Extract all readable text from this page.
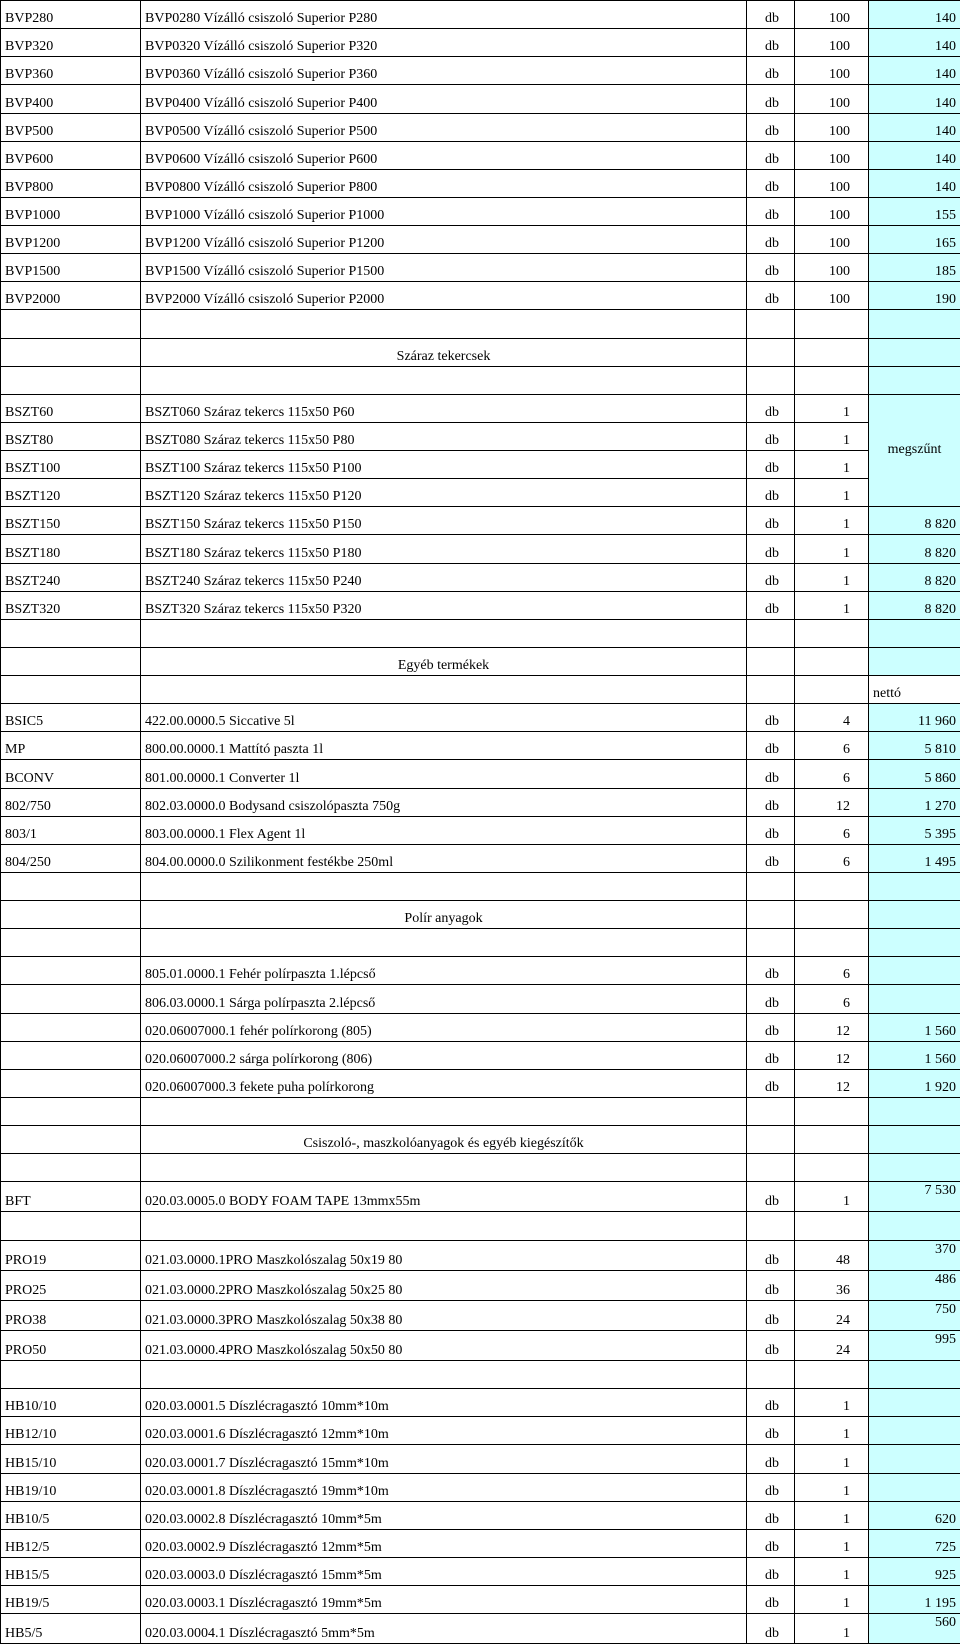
BVP280	BVP0280 Vízálló csiszoló Superior P280	db	100	140
BVP320	BVP0320 Vízálló csiszoló Superior P320	db	100	140
BVP360	BVP0360 Vízálló csiszoló Superior P360	db	100	140
BVP400	BVP0400 Vízálló csiszoló Superior P400	db	100	140
BVP500	BVP0500 Vízálló csiszoló Superior P500	db	100	140
BVP600	BVP0600 Vízálló csiszoló Superior P600	db	100	140
BVP800	BVP0800 Vízálló csiszoló Superior P800	db	100	140
BVP1000	BVP1000 Vízálló csiszoló Superior P1000	db	100	155
BVP1200	BVP1200 Vízálló csiszoló Superior P1200	db	100	165
BVP1500	BVP1500 Vízálló csiszoló Superior P1500	db	100	185
BVP2000	BVP2000 Vízálló csiszoló Superior P2000	db	100	190

	Száraz tekercsek			

BSZT60	BSZT060 Száraz tekercs 115x50 P60	db	1	megszűnt
BSZT80	BSZT080 Száraz tekercs 115x50 P80	db	1	
BSZT100	BSZT100 Száraz tekercs 115x50 P100	db	1	
BSZT120	BSZT120 Száraz tekercs 115x50 P120	db	1	
BSZT150	BSZT150 Száraz tekercs 115x50 P150	db	1	8 820
BSZT180	BSZT180 Száraz tekercs 115x50 P180	db	1	8 820
BSZT240	BSZT240 Száraz tekercs 115x50 P240	db	1	8 820
BSZT320	BSZT320 Száraz tekercs 115x50 P320	db	1	8 820

	Egyéb termékek			
				nettó
BSIC5	422.00.0000.5 Siccative 5l	db	4	11 960
MP	800.00.0000.1 Mattító paszta 1l	db	6	5 810
BCONV	801.00.0000.1 Converter 1l	db	6	5 860
802/750	802.03.0000.0 Bodysand csiszolópaszta 750g	db	12	1 270
803/1	803.00.0000.1 Flex Agent 1l	db	6	5 395
804/250	804.00.0000.0 Szilikonment festékbe 250ml	db	6	1 495

	Polír anyagok			

	805.01.0000.1 Fehér polírpaszta 1.lépcső	db	6	
	806.03.0000.1 Sárga polírpaszta 2.lépcső	db	6	
	020.06007000.1 fehér polírkorong (805)	db	12	1 560
	020.06007000.2 sárga polírkorong (806)	db	12	1 560
	020.06007000.3 fekete puha polírkorong	db	12	1 920

	Csiszoló-, maszkolóanyagok és egyéb kiegészítők			

BFT	020.03.0005.0 BODY FOAM TAPE 13mmx55m	db	1	7 530

PRO19	021.03.0000.1PRO Maszkolószalag 50x19 80	db	48	370
PRO25	021.03.0000.2PRO Maszkolószalag 50x25 80	db	36	486
PRO38	021.03.0000.3PRO Maszkolószalag 50x38 80	db	24	750
PRO50	021.03.0000.4PRO Maszkolószalag 50x50 80	db	24	995

HB10/10	020.03.0001.5 Díszlécragasztó 10mm*10m	db	1	
HB12/10	020.03.0001.6 Díszlécragasztó 12mm*10m	db	1	
HB15/10	020.03.0001.7 Díszlécragasztó 15mm*10m	db	1	
HB19/10	020.03.0001.8 Díszlécragasztó 19mm*10m	db	1	
HB10/5	020.03.0002.8 Díszlécragasztó 10mm*5m	db	1	620
HB12/5	020.03.0002.9 Díszlécragasztó 12mm*5m	db	1	725
HB15/5	020.03.0003.0 Díszlécragasztó 15mm*5m	db	1	925
HB19/5	020.03.0003.1 Díszlécragasztó 19mm*5m	db	1	1 195
HB5/5	020.03.0004.1 Díszlécragasztó 5mm*5m	db	1	560
